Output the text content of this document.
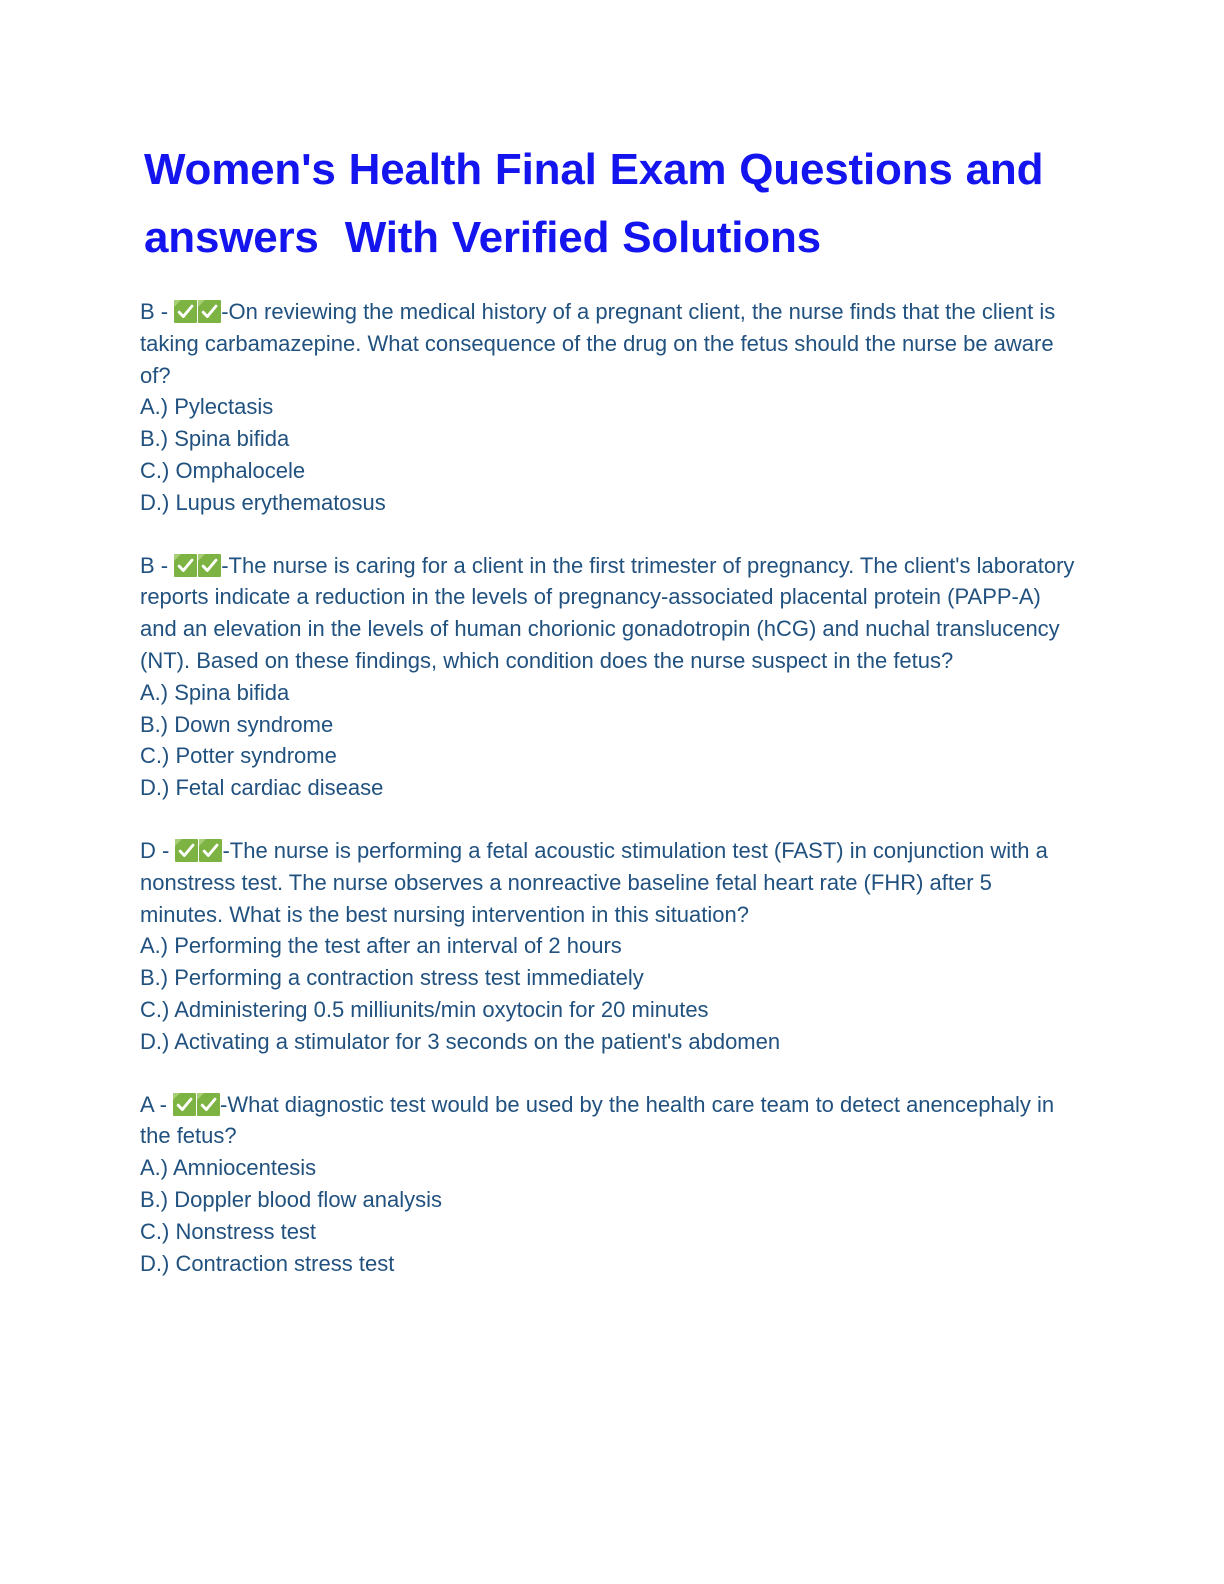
Women's Health Final Exam Questions and answers  With Verified Solutions

B -
-On reviewing the medical history of a pregnant client, the nurse finds that the client is taking carbamazepine. What consequence of the drug on the fetus should the nurse be aware of?

A.) Pylectasis
B.) Spina bifida
C.) Omphalocele
D.) Lupus erythematosus

B -
-The nurse is caring for a client in the first trimester of pregnancy. The client's laboratory reports indicate a reduction in the levels of pregnancy-associated placental protein (PAPP-A) and an elevation in the levels of human chorionic gonadotropin (hCG) and nuchal translucency (NT). Based on these findings, which condition does the nurse suspect in the fetus?

A.) Spina bifida
B.) Down syndrome
C.) Potter syndrome
D.) Fetal cardiac disease

D -
-The nurse is performing a fetal acoustic stimulation test (FAST) in conjunction with a nonstress test. The nurse observes a nonreactive baseline fetal heart rate (FHR) after 5 minutes. What is the best nursing intervention in this situation?

A.) Performing the test after an interval of 2 hours
B.) Performing a contraction stress test immediately
C.) Administering 0.5 milliunits/min oxytocin for 20 minutes
D.) Activating a stimulator for 3 seconds on the patient's abdomen

A -
-What diagnostic test would be used by the health care team to detect anencephaly in the fetus?

A.) Amniocentesis
B.) Doppler blood flow analysis
C.) Nonstress test
D.) Contraction stress test
